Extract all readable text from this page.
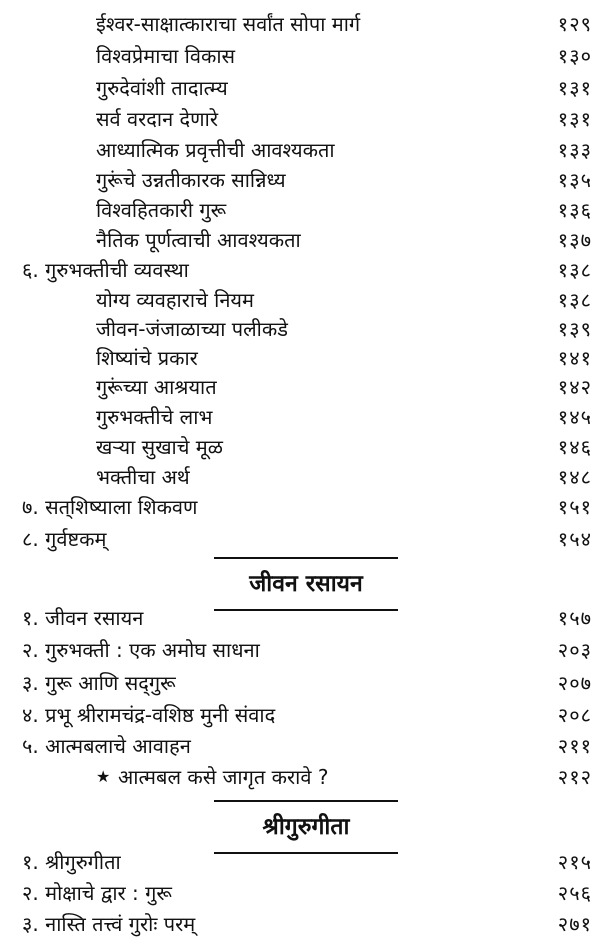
ईश्वर-साक्षात्काराचा सर्वांत सोपा मार्ग	१२९
विश्वप्रेमाचा विकास	१३०
गुरुदेवांशी तादात्म्य	१३१
सर्व वरदान देणारे	१३१
आध्यात्मिक प्रवृत्तीची आवश्यकता	१३३
गुरूंचे उन्नतीकारक सान्निध्य	१३५
विश्वहितकारी गुरू	१३६
नैतिक पूर्णत्वाची आवश्यकता	१३७
६. गुरुभक्तीची व्यवस्था	१३८
योग्य व्यवहाराचे नियम	१३८
जीवन-जंजाळाच्या पलीकडे	१३९
शिष्यांचे प्रकार	१४१
गुरूंच्या आश्रयात	१४२
गुरुभक्तीचे लाभ	१४५
खऱ्या सुखाचे मूळ	१४६
भक्तीचा अर्थ	१४८
७. सत्‌शिष्याला शिकवण	१५१
८. गुर्वष्टकम्	१५४
जीवन रसायन
१. जीवन रसायन	१५७
२. गुरुभक्ती : एक अमोघ साधना	२०३
३. गुरू आणि सद्‌गुरू	२०७
४. प्रभू श्रीरामचंद्र-वशिष्ठ मुनी संवाद	२०८
५. आत्मबलाचे आवाहन	२११
★ आत्मबल कसे जागृत करावे ?	२१२
श्रीगुरुगीता
१. श्रीगुरुगीता	२१५
२. मोक्षाचे द्वार : गुरू	२५६
३. नास्ति तत्त्वं गुरोः परम्	२७१
